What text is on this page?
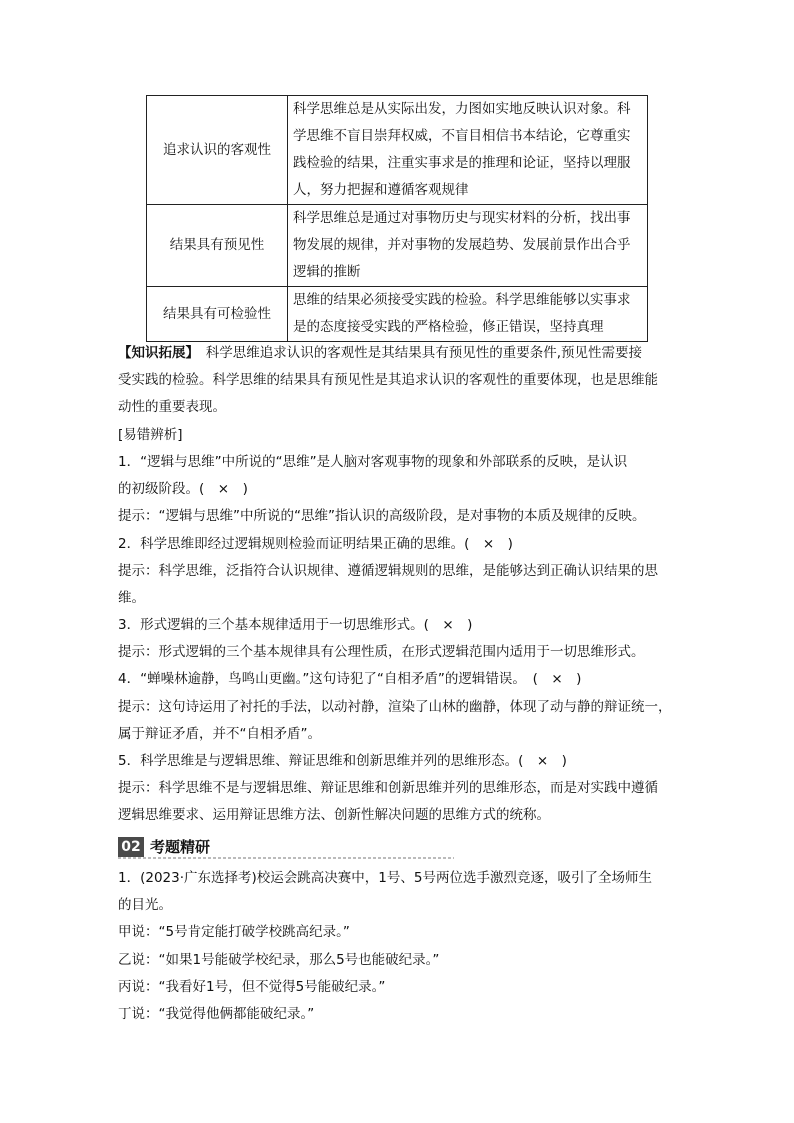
追求认识的客观性	科学思维总是从实际出发，力图如实地反映认识对象。科
学思维不盲目崇拜权威，不盲目相信书本结论，它尊重实
践检验的结果，注重实事求是的推理和论证，坚持以理服
人，努力把握和遵循客观规律

结果具有预见性	科学思维总是通过对事物历史与现实材料的分析，找出事
物发展的规律，并对事物的发展趋势、发展前景作出合乎
逻辑的推断

结果具有可检验性	思维的结果必须接受实践的检验。科学思维能够以实事求
是的态度接受实践的严格检验，修正错误，坚持真理
【知识拓展】　科学思维追求认识的客观性是其结果具有预见性的重要条件,预见性需要接
受实践的检验。科学思维的结果具有预见性是其追求认识的客观性的重要体现，也是思维能
动性的重要表现。
[易错辨析]
1．“逻辑与思维”中所说的“思维”是人脑对客观事物的现象和外部联系的反映，是认识
的初级阶段。(　×　)
提示：“逻辑与思维”中所说的“思维”指认识的高级阶段，是对事物的本质及规律的反映。
2．科学思维即经过逻辑规则检验而证明结果正确的思维。(　×　)
提示：科学思维，泛指符合认识规律、遵循逻辑规则的思维，是能够达到正确认识结果的思
维。
3．形式逻辑的三个基本规律适用于一切思维形式。(　×　)
提示：形式逻辑的三个基本规律具有公理性质，在形式逻辑范围内适用于一切思维形式。
4．“蝉噪林逾静，鸟鸣山更幽。”这句诗犯了“自相矛盾”的逻辑错误。　(　×　)
提示：这句诗运用了衬托的手法，以动衬静，渲染了山林的幽静，体现了动与静的辩证统一，
属于辩证矛盾，并不“自相矛盾”。
5．科学思维是与逻辑思维、辩证思维和创新思维并列的思维形态。(　×　)
提示：科学思维不是与逻辑思维、辩证思维和创新思维并列的思维形态，而是对实践中遵循
逻辑思维要求、运用辩证思维方法、创新性解决问题的思维方式的统称。
02 考题精研
1．(2023·广东选择考)校运会跳高决赛中，1号、5号两位选手激烈竞逐，吸引了全场师生
的目光。
甲说：“5号肯定能打破学校跳高纪录。”
乙说：“如果1号能破学校纪录，那么5号也能破纪录。”
丙说：“我看好1号，但不觉得5号能破纪录。”
丁说：“我觉得他俩都能破纪录。”
